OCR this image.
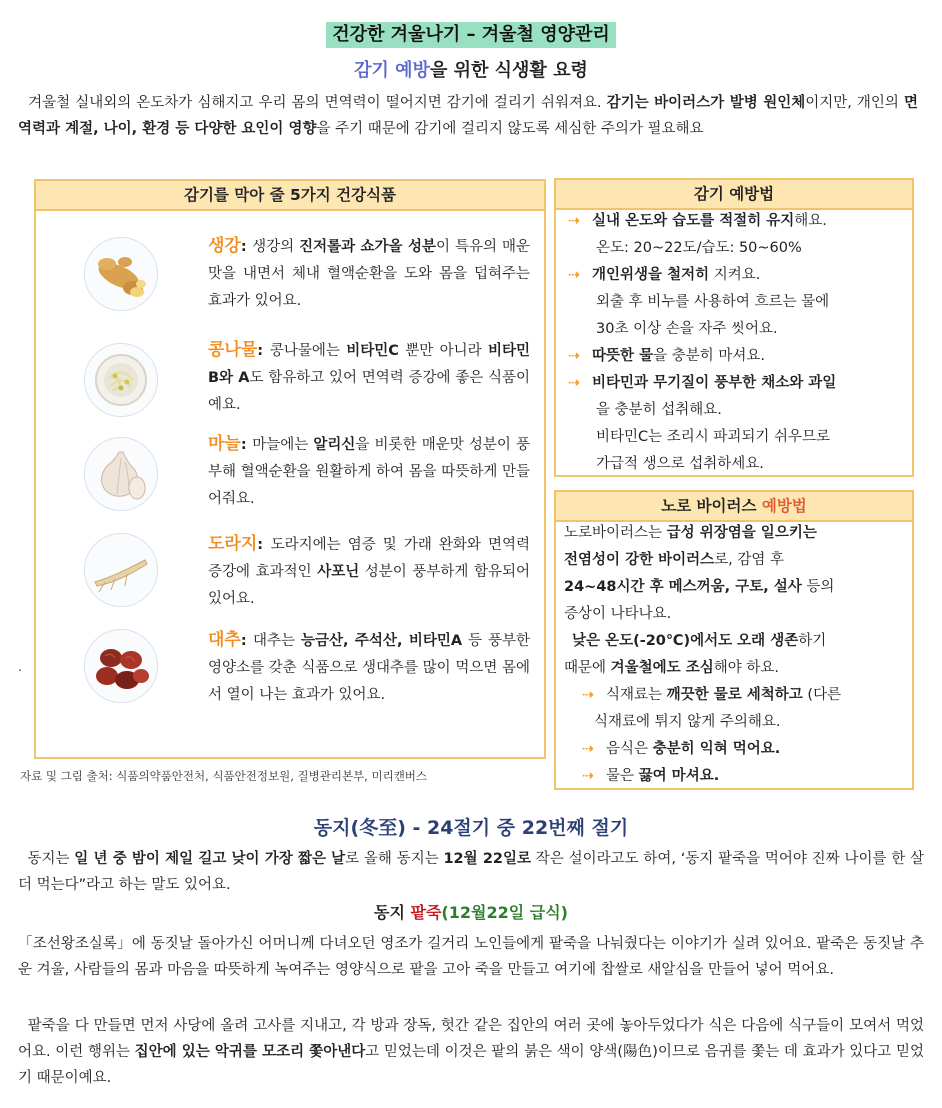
건강한 겨울나기 – 겨울철 영양관리
감기 예방을 위한 식생활 요령

겨울철 실내외의 온도차가 심해지고 우리 몸의 면역력이 떨어지면 감기에 걸리기 쉬워져요. 감기는 바이러스가 발병 원인체이지만, 개인의 면역력과 계절, 나이, 환경 등 다양한 요인이 영향을 주기 때문에 감기에 걸리지 않도록 세심한 주의가 필요해요

감기를 막아 줄 5가지 건강식품

생강: 생강의 진저롤과 쇼가올 성분이 특유의 매운맛을 내면서 체내 혈액순환을 도와 몸을 덥혀주는 효과가 있어요.

콩나물: 콩나물에는 비타민C 뿐만 아니라 비타민B와 A도 함유하고 있어 면역력 증강에 좋은 식품이예요.

마늘: 마늘에는 알리신을 비롯한 매운맛 성분이 풍부해 혈액순환을 원활하게 하여 몸을 따뜻하게 만들어줘요.

도라지: 도라지에는 염증 및 가래 완화와 면역력 증강에 효과적인 사포닌 성분이 풍부하게 함유되어 있어요.

대추: 대추는 능금산, 주석산, 비타민A 등 풍부한 영양소를 갖춘 식품으로 생대추를 많이 먹으면 몸에서 열이 나는 효과가 있어요.

.
자료 및 그림 출처: 식품의약품안전처, 식품안전정보원, 질병관리본부, 미리캔버스
감기 예방법
⇢ 실내 온도와 습도를 적절히 유지해요.
온도: 20~22도/습도: 50~60%
⇢ 개인위생을 철저히 지켜요.
외출 후 비누를 사용하여 흐르는 물에
30초 이상 손을 자주 씻어요.
⇢ 따뜻한 물을 충분히 마셔요.
⇢ 비타민과 무기질이 풍부한 채소와 과일
을 충분히 섭취해요.
비타민C는 조리시 파괴되기 쉬우므로
가급적 생으로 섭취하세요.
노로 바이러스 예방법
노로바이러스는 급성 위장염을 일으키는
전염성이 강한 바이러스로, 감염 후
24~48시간 후 메스꺼움, 구토, 설사 등의
증상이 나타나요.
낮은 온도(-20℃)에서도 오래 생존하기
때문에 겨울철에도 조심해야 하요.
⇢ 식재료는 깨끗한 물로 세척하고 (다른
식재료에 튀지 않게 주의해요.
⇢ 음식은 충분히 익혀 먹어요.
⇢ 물은 끓여 마셔요.
동지(冬至) - 24절기 중 22번째 절기

동지는 일 년 중 밤이 제일 길고 낮이 가장 짧은 날로 올해 동지는 12월 22일로 작은 설이라고도 하여, ‘동지 팥죽을 먹어야 진짜 나이를 한 살 더 먹는다”라고 하는 말도 있어요.

동지 팥죽(12월22일 급식)

「조선왕조실록」에 동짓날 돌아가신 어머니께 다녀오던 영조가 길거리 노인들에게 팥죽을 나눠줬다는 이야기가 실려 있어요. 팥죽은 동짓날 추운 겨울, 사람들의 몸과 마음을 따뜻하게 녹여주는 영양식으로 팥을 고아 죽을 만들고 여기에 찹쌀로 새알심을 만들어 넣어 먹어요.

팥죽을 다 만들면 먼저 사당에 올려 고사를 지내고, 각 방과 장독, 헛간 같은 집안의 여러 곳에 놓아두었다가 식은 다음에 식구들이 모여서 먹었어요. 이런 행위는 집안에 있는 악귀를 모조리 쫓아낸다고 믿었는데 이것은 팥의 붉은 색이 양색(陽色)이므로 음귀를 쫓는 데 효과가 있다고 믿었기 때문이예요.
